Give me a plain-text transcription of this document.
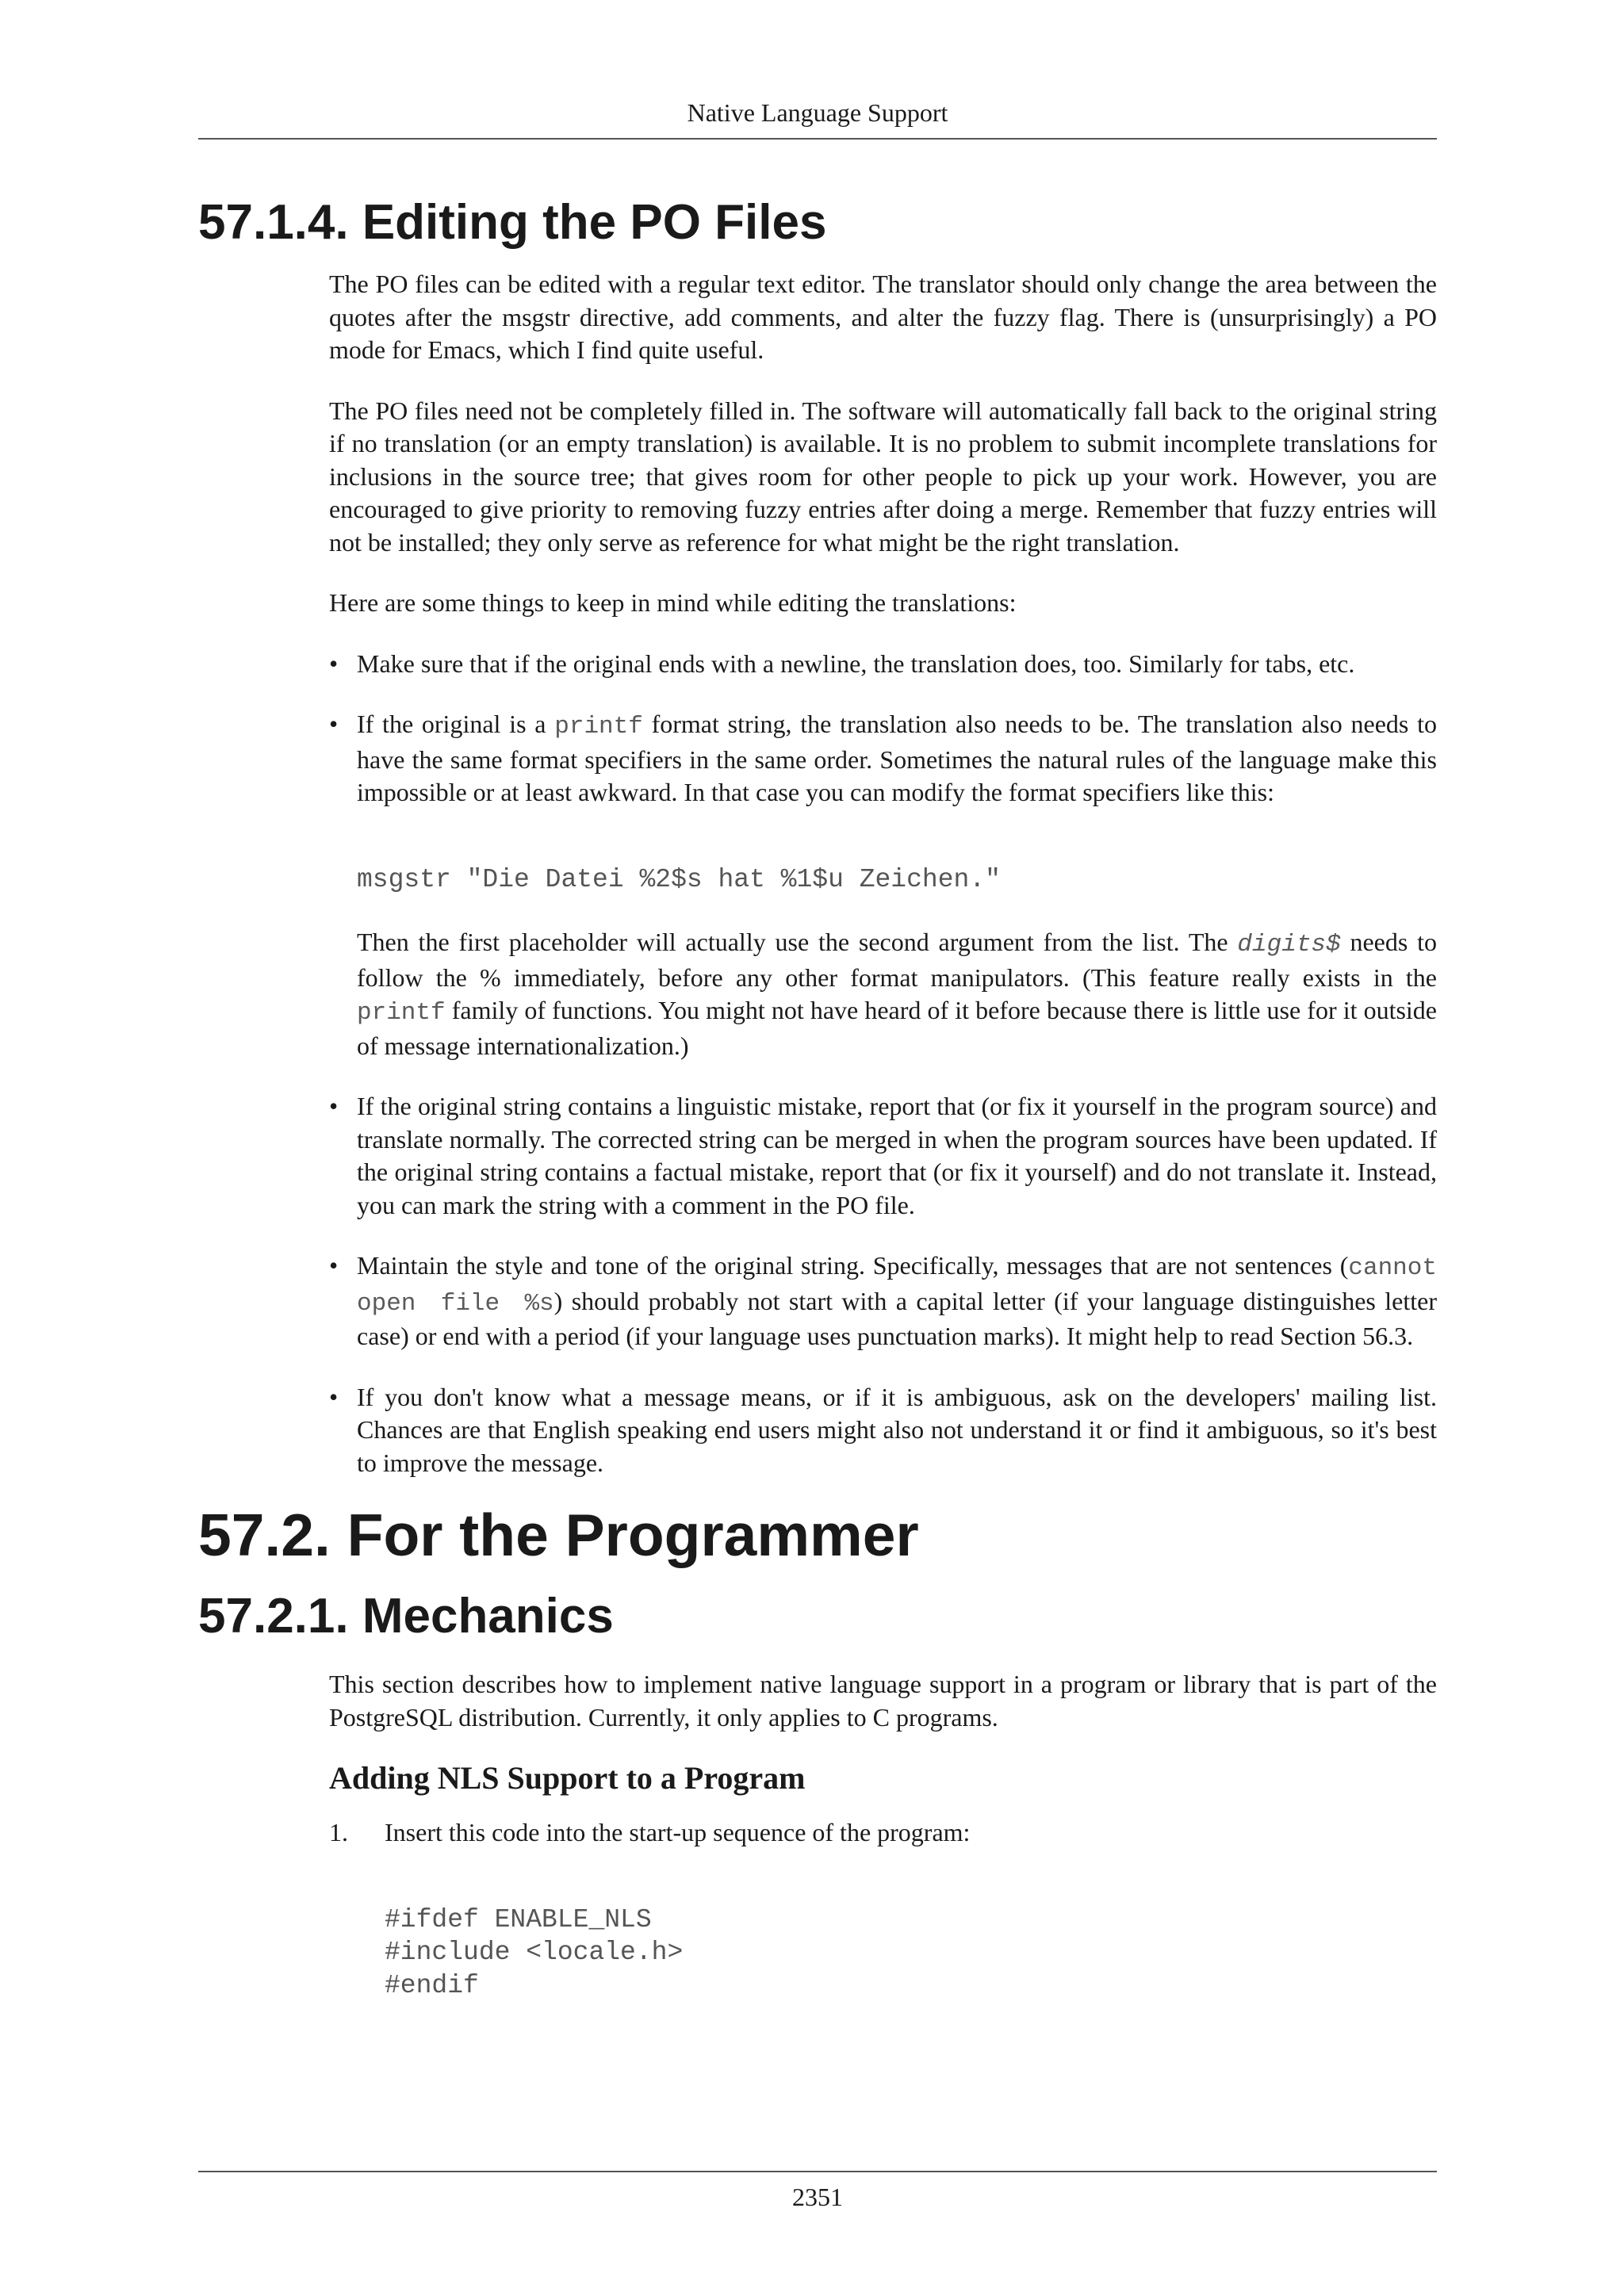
Native Language Support
57.1.4. Editing the PO Files

The PO files can be edited with a regular text editor. The translator should only change the area between the quotes after the msgstr directive, add comments, and alter the fuzzy flag. There is (unsurprisingly) a PO mode for Emacs, which I find quite useful.

The PO files need not be completely filled in. The software will automatically fall back to the original string if no translation (or an empty translation) is available. It is no problem to submit incomplete translations for inclusions in the source tree; that gives room for other people to pick up your work. However, you are encouraged to give priority to removing fuzzy entries after doing a merge. Remember that fuzzy entries will not be installed; they only serve as reference for what might be the right translation.

Here are some things to keep in mind while editing the translations:

• Make sure that if the original ends with a newline, the translation does, too. Similarly for tabs, etc.

• If the original is a printf format string, the translation also needs to be. The translation also needs to have the same format specifiers in the same order. Sometimes the natural rules of the language make this impossible or at least awkward. In that case you can modify the format specifiers like this:

msgstr "Die Datei %2$s hat %1$u Zeichen."

Then the first placeholder will actually use the second argument from the list. The digits$ needs to follow the % immediately, before any other format manipulators. (This feature really exists in the printf family of functions. You might not have heard of it before because there is little use for it outside of message internationalization.)

• If the original string contains a linguistic mistake, report that (or fix it yourself in the program source) and translate normally. The corrected string can be merged in when the program sources have been updated. If the original string contains a factual mistake, report that (or fix it yourself) and do not translate it. Instead, you can mark the string with a comment in the PO file.
• Maintain the style and tone of the original string. Specifically, messages that are not sentences (cannot open file %s) should probably not start with a capital letter (if your language distinguishes letter case) or end with a period (if your language uses punctuation marks). It might help to read Section 56.3.
• If you don't know what a message means, or if it is ambiguous, ask on the developers' mailing list. Chances are that English speaking end users might also not understand it or find it ambiguous, so it's best to improve the message.
57.2. For the Programmer
57.2.1. Mechanics

This section describes how to implement native language support in a program or library that is part of the PostgreSQL distribution. Currently, it only applies to C programs.

Adding NLS Support to a Program
1. Insert this code into the start-up sequence of the program:
#ifdef ENABLE_NLS
#include <locale.h>
#endif
2351
